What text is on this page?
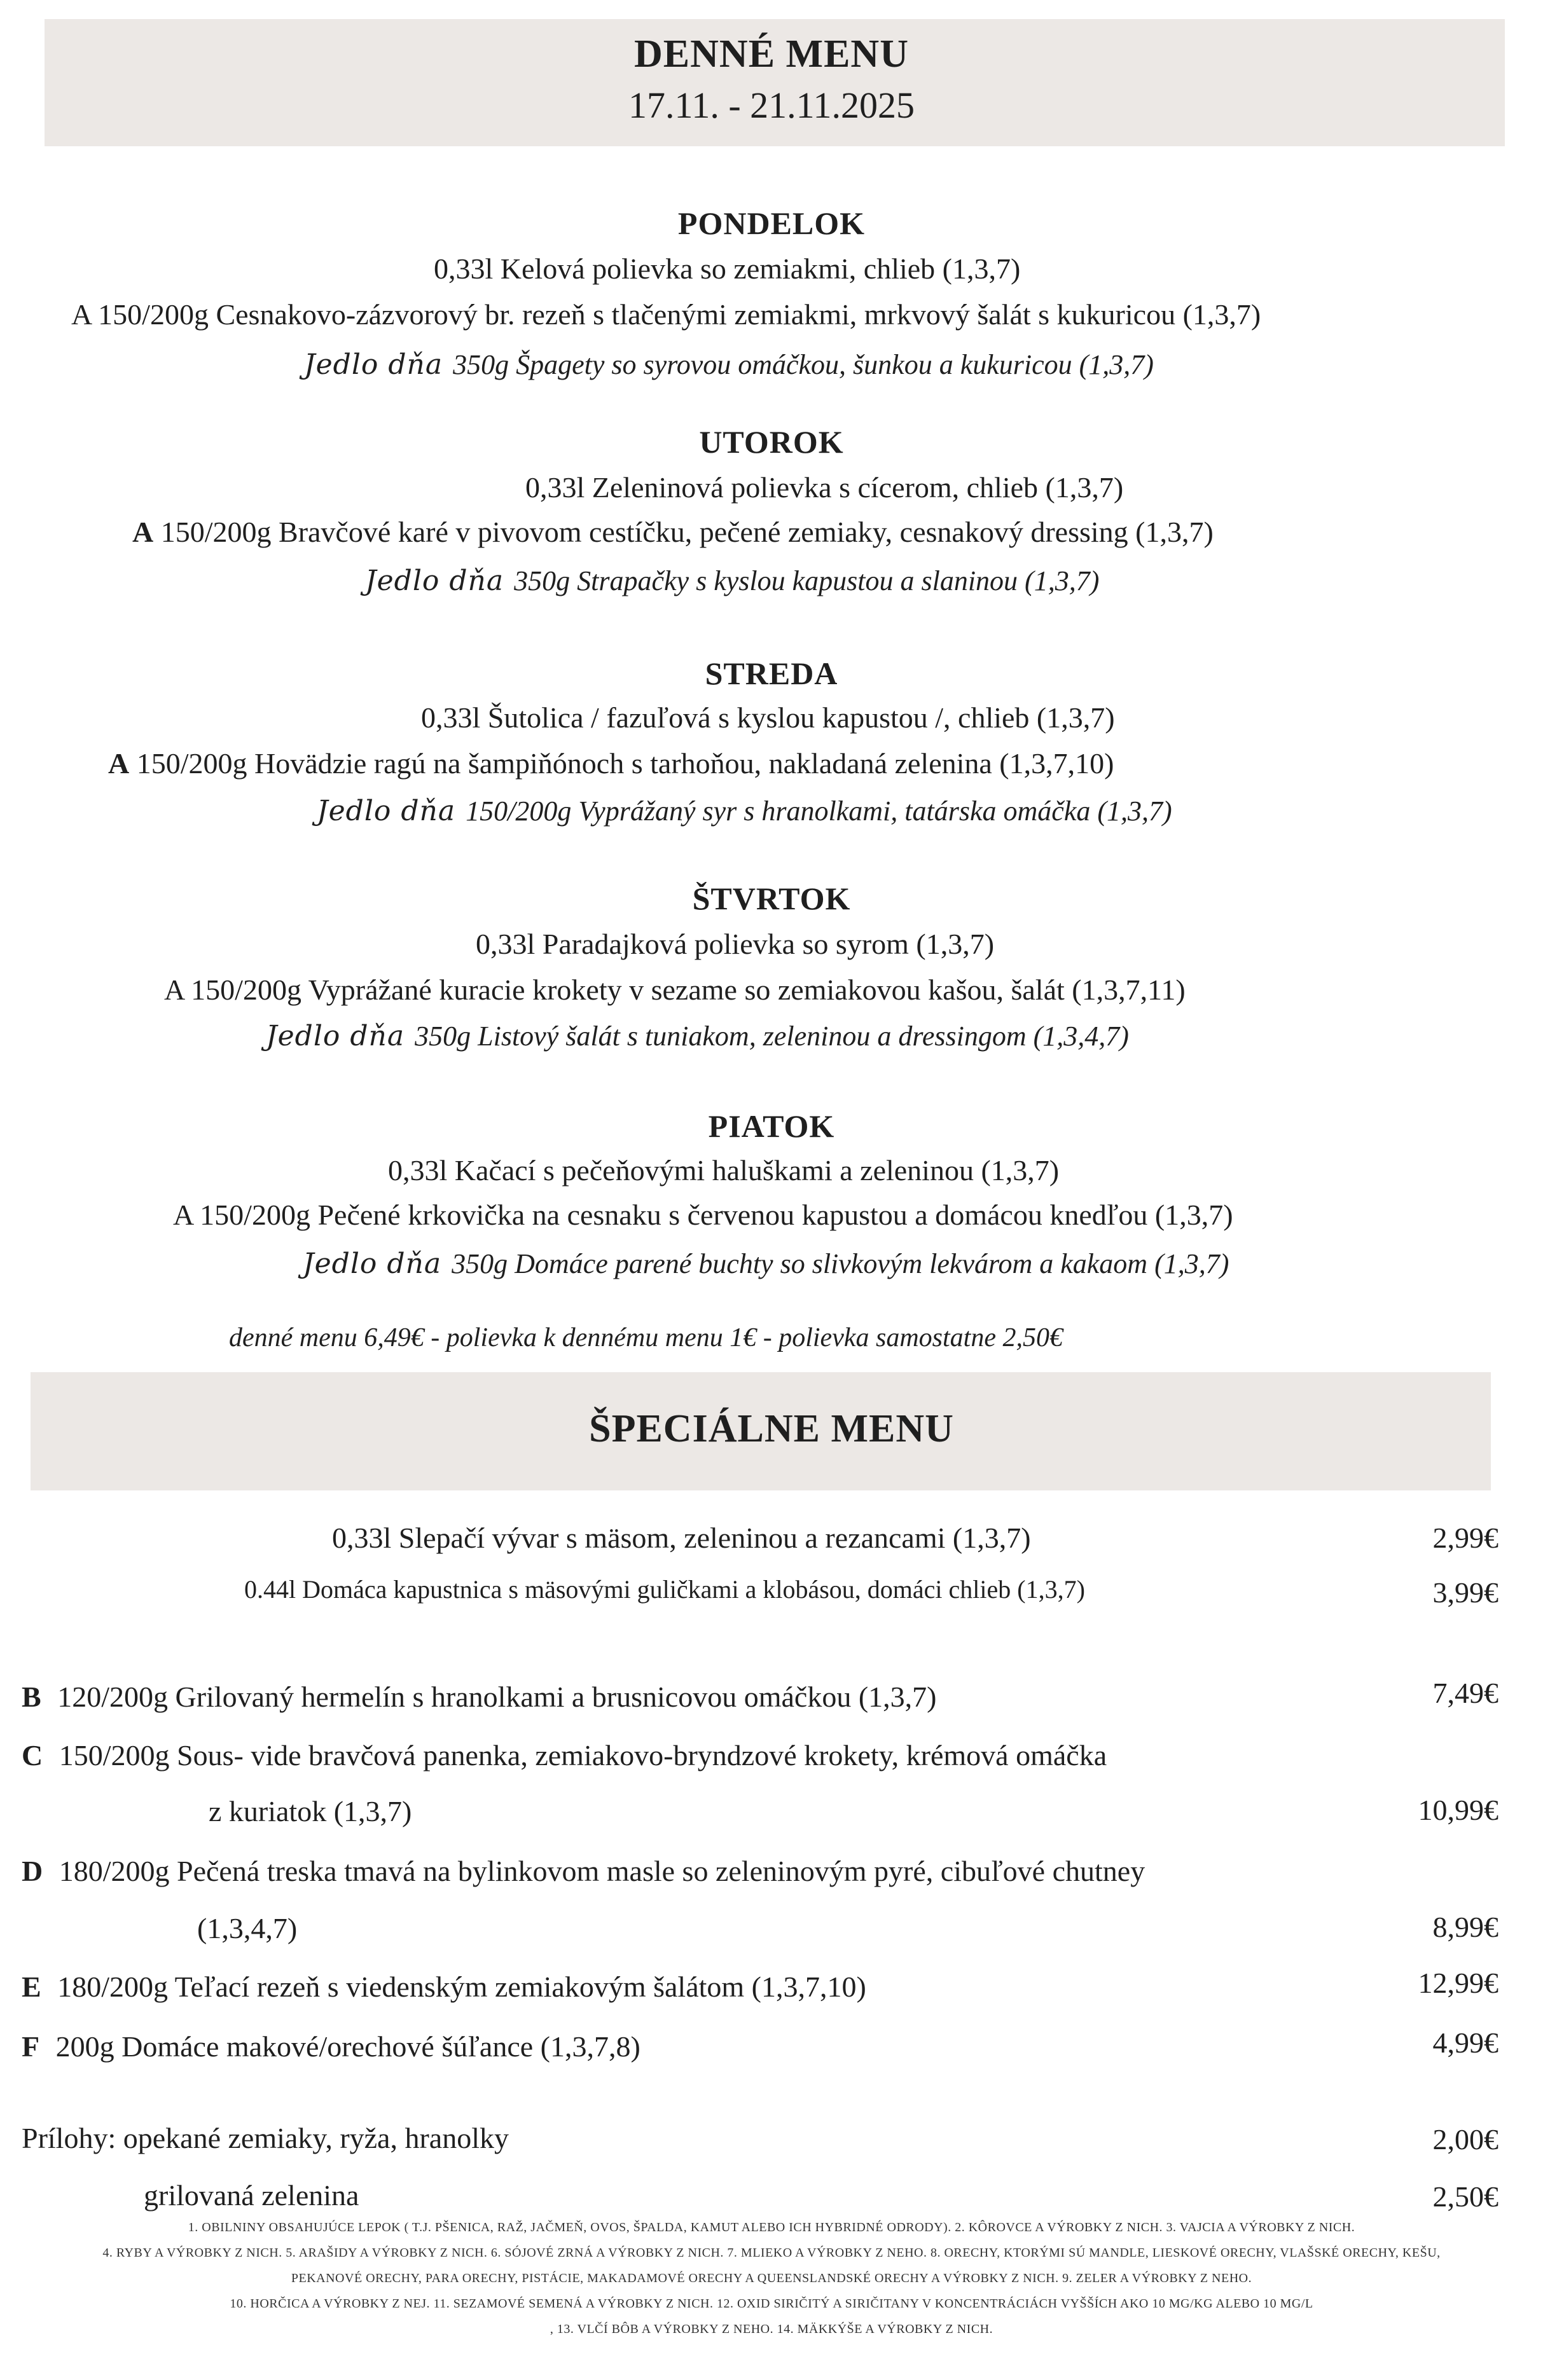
DENNÉ MENU
17.11. - 21.11.2025
PONDELOK
0,33l Kelová polievka so zemiakmi, chlieb (1,3,7)
A 150/200g Cesnakovo-zázvorový br. rezeň s tlačenými zemiakmi, mrkvový šalát s kukuricou (1,3,7)
Jedlo dňa 350g Špagety so syrovou omáčkou, šunkou a kukuricou (1,3,7)
UTOROK
0,33l Zeleninová polievka s cícerom, chlieb (1,3,7)
A 150/200g Bravčové karé v pivovom cestíčku, pečené zemiaky, cesnakový dressing (1,3,7)
Jedlo dňa 350g Strapačky s kyslou kapustou a slaninou (1,3,7)
STREDA
0,33l Šutolica / fazuľová s kyslou kapustou /, chlieb (1,3,7)
A 150/200g Hovädzie ragú na šampiňónoch s tarhoňou, nakladaná zelenina (1,3,7,10)
Jedlo dňa 150/200g Vyprážaný syr s hranolkami, tatárska omáčka (1,3,7)
ŠTVRTOK
0,33l Paradajková polievka so syrom (1,3,7)
A 150/200g Vyprážané kuracie krokety v sezame so zemiakovou kašou, šalát (1,3,7,11)
Jedlo dňa 350g Listový šalát s tuniakom, zeleninou a dressingom (1,3,4,7)
PIATOK
0,33l Kačací s pečeňovými haluškami a zeleninou (1,3,7)
A 150/200g Pečené krkovička na cesnaku s červenou kapustou a domácou knedľou (1,3,7)
Jedlo dňa 350g Domáce parené buchty so slivkovým lekvárom a kakaom (1,3,7)
denné menu 6,49€ - polievka k dennému menu 1€ - polievka samostatne 2,50€
ŠPECIÁLNE MENU
0,33l Slepačí vývar s mäsom, zeleninou a rezancami (1,3,7)	2,99€
0.44l Domáca kapustnica s mäsovými guličkami a klobásou, domáci chlieb (1,3,7)	3,99€
B 120/200g Grilovaný hermelín s hranolkami a brusnicovou omáčkou (1,3,7)	7,49€
C 150/200g Sous- vide bravčová panenka, zemiakovo-bryndzové krokety, krémová omáčka
z kuriatok (1,3,7)	10,99€
D 180/200g Pečená treska tmavá na bylinkovom masle so zeleninovým pyré, cibuľové chutney
(1,3,4,7)	8,99€
E 180/200g Teľací rezeň s viedenským zemiakovým šalátom (1,3,7,10)	12,99€
F 200g Domáce makové/orechové šúľance (1,3,7,8)	4,99€
Prílohy: opekané zemiaky, ryža, hranolky	2,00€
grilovaná zelenina	2,50€
1. OBILNINY OBSAHUJÚCE LEPOK ( T.J. PŠENICA, RAŽ, JAČMEŇ, OVOS, ŠPALDA, KAMUT ALEBO ICH HYBRIDNÉ ODRODY). 2. KÔROVCE A VÝROBKY Z NICH. 3. VAJCIA A VÝROBKY Z NICH.
4. RYBY A VÝROBKY Z NICH. 5. ARAŠIDY A VÝROBKY Z NICH. 6. SÓJOVÉ ZRNÁ A VÝROBKY Z NICH. 7. MLIEKO A VÝROBKY Z NEHO. 8. ORECHY, KTORÝMI SÚ MANDLE, LIESKOVÉ ORECHY, VLAŠSKÉ ORECHY, KEŠU,
PEKANOVÉ ORECHY, PARA ORECHY, PISTÁCIE, MAKADAMOVÉ ORECHY A QUEENSLANDSKÉ ORECHY A VÝROBKY Z NICH. 9. ZELER A VÝROBKY Z NEHO.
10. HORČICA A VÝROBKY Z NEJ. 11. SEZAMOVÉ SEMENÁ A VÝROBKY Z NICH. 12. OXID SIRIČITÝ A SIRIČITANY V KONCENTRÁCIÁCH VYŠŠÍCH AKO 10 MG/KG ALEBO 10 MG/L
, 13. VLČÍ BÔB A VÝROBKY Z NEHO. 14. MÄKKÝŠE A VÝROBKY Z NICH.
